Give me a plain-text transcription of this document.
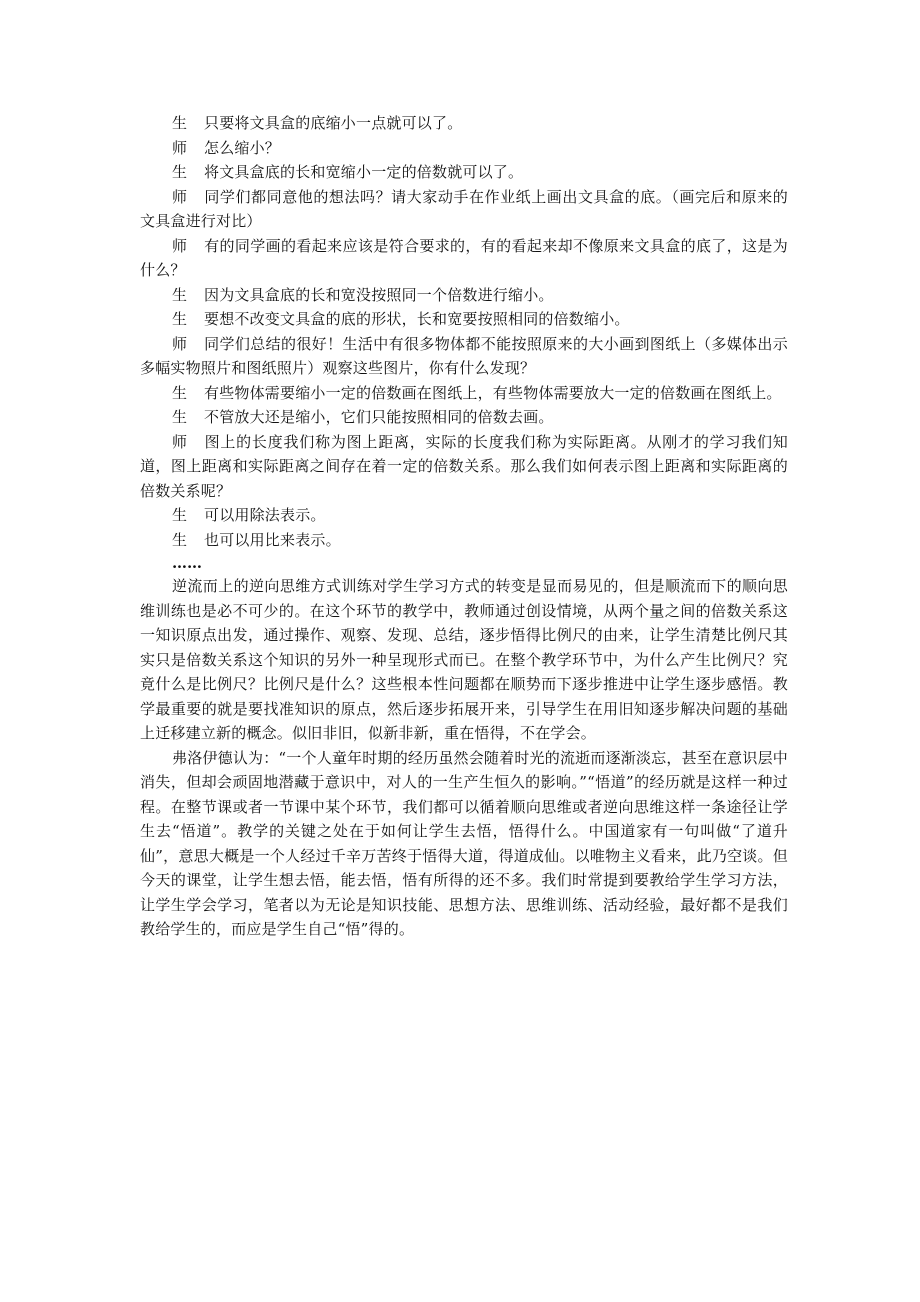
生 只要将文具盒的底缩小一点就可以了。

师 怎么缩小？

生 将文具盒底的长和宽缩小一定的倍数就可以了。

师 同学们都同意他的想法吗？请大家动手在作业纸上画出文具盒的底。（画完后和原来的文具盒进行对比）

师 有的同学画的看起来应该是符合要求的，有的看起来却不像原来文具盒的底了，这是为什么？

生 因为文具盒底的长和宽没按照同一个倍数进行缩小。

生 要想不改变文具盒的底的形状，长和宽要按照相同的倍数缩小。

师 同学们总结的很好！生活中有很多物体都不能按照原来的大小画到图纸上（多媒体出示多幅实物照片和图纸照片）观察这些图片，你有什么发现？

生 有些物体需要缩小一定的倍数画在图纸上，有些物体需要放大一定的倍数画在图纸上。

生 不管放大还是缩小，它们只能按照相同的倍数去画。

师 图上的长度我们称为图上距离，实际的长度我们称为实际距离。从刚才的学习我们知道，图上距离和实际距离之间存在着一定的倍数关系。那么我们如何表示图上距离和实际距离的倍数关系呢？

生 可以用除法表示。

生 也可以用比来表示。

……

逆流而上的逆向思维方式训练对学生学习方式的转变是显而易见的，但是顺流而下的顺向思维训练也是必不可少的。在这个环节的教学中，教师通过创设情境，从两个量之间的倍数关系这一知识原点出发，通过操作、观察、发现、总结，逐步悟得比例尺的由来，让学生清楚比例尺其实只是倍数关系这个知识的另外一种呈现形式而已。在整个教学环节中，为什么产生比例尺？究竟什么是比例尺？比例尺是什么？这些根本性问题都在顺势而下逐步推进中让学生逐步感悟。教学最重要的就是要找准知识的原点，然后逐步拓展开来，引导学生在用旧知逐步解决问题的基础上迁移建立新的概念。似旧非旧，似新非新，重在悟得，不在学会。

弗洛伊德认为：“一个人童年时期的经历虽然会随着时光的流逝而逐渐淡忘，甚至在意识层中消失，但却会顽固地潜藏于意识中，对人的一生产生恒久的影响。”“悟道”的经历就是这样一种过程。在整节课或者一节课中某个环节，我们都可以循着顺向思维或者逆向思维这样一条途径让学生去“悟道”。教学的关键之处在于如何让学生去悟，悟得什么。中国道家有一句叫做“了道升仙”，意思大概是一个人经过千辛万苦终于悟得大道，得道成仙。以唯物主义看来，此乃空谈。但今天的课堂，让学生想去悟，能去悟，悟有所得的还不多。我们时常提到要教给学生学习方法，让学生学会学习，笔者以为无论是知识技能、思想方法、思维训练、活动经验，最好都不是我们教给学生的，而应是学生自己“悟”得的。
